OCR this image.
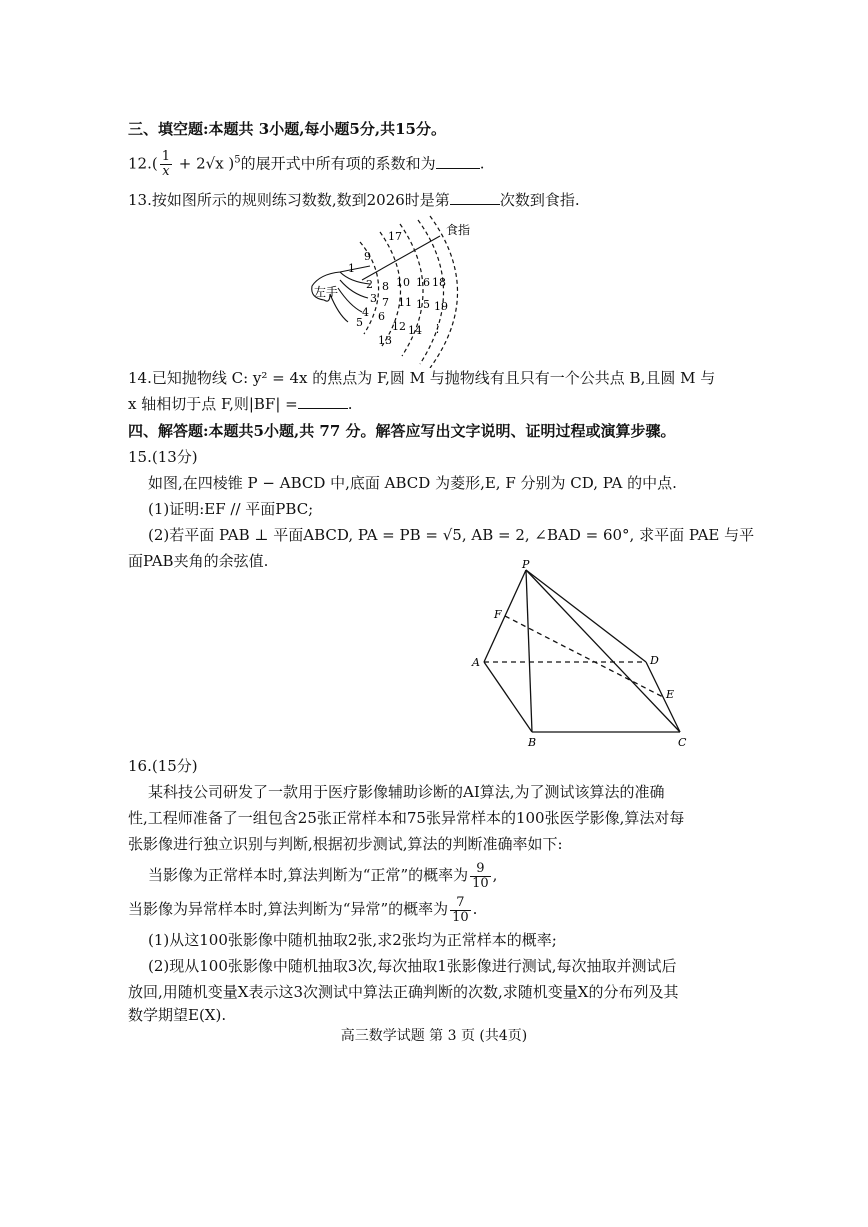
三、填空题:本题共 3小题,每小题5分,共15分。
$12.( \frac{1}{x} + 2√x$ )$^5$的展开式中所有项的系数和为	.
13.按如图所示的规则练习数数,数到2026时是第	次数到食指.
食指
左手
1
2
3
4
5 6
7
8
9
10
11
12
13
14
15
16
17
18
19
⋮
14.已知抛物线 C: y² = 4x 的焦点为 F,圆 M 与抛物线有且只有一个公共点 B,且圆 M 与
x 轴相切于点 F,则|BF| =	.
四、解答题:本题共5小题,共 77 分。解答应写出文字说明、证明过程或演算步骤。
15.(13分)
如图,在四棱锥 P − ABCD 中,底面 ABCD 为菱形,E, F 分别为 CD, PA 的中点.
(1)证明:EF // 平面PBC;
(2)若平面 PAB ⊥ 平面ABCD, PA = PB = √5, AB = 2, ∠BAD = 60°, 求平面 PAE 与平
面PAB夹角的余弦值.	P
F
A	D
E
B	C
16.(15分)
某科技公司研发了一款用于医疗影像辅助诊断的AI算法,为了测试该算法的准确
性,工程师准备了一组包含25张正常样本和75张异常样本的100张医学影像,算法对每
张影像进行独立识别与判断,根据初步测试,算法的判断准确率如下:
当影像为正常样本时,算法判断为“正常”的概率为 $\frac{9}{10}$ ,
当影像为异常样本时,算法判断为“异常”的概率为 $\frac{7}{10}$ .
(1)从这100张影像中随机抽取2张,求2张均为正常样本的概率;
(2)现从100张影像中随机抽取3次,每次抽取1张影像进行测试,每次抽取并测试后
放回,用随机变量X表示这3次测试中算法正确判断的次数,求随机变量X的分布列及其
数学期望E(X).
高三数学试题 第 3 页 (共4页)
